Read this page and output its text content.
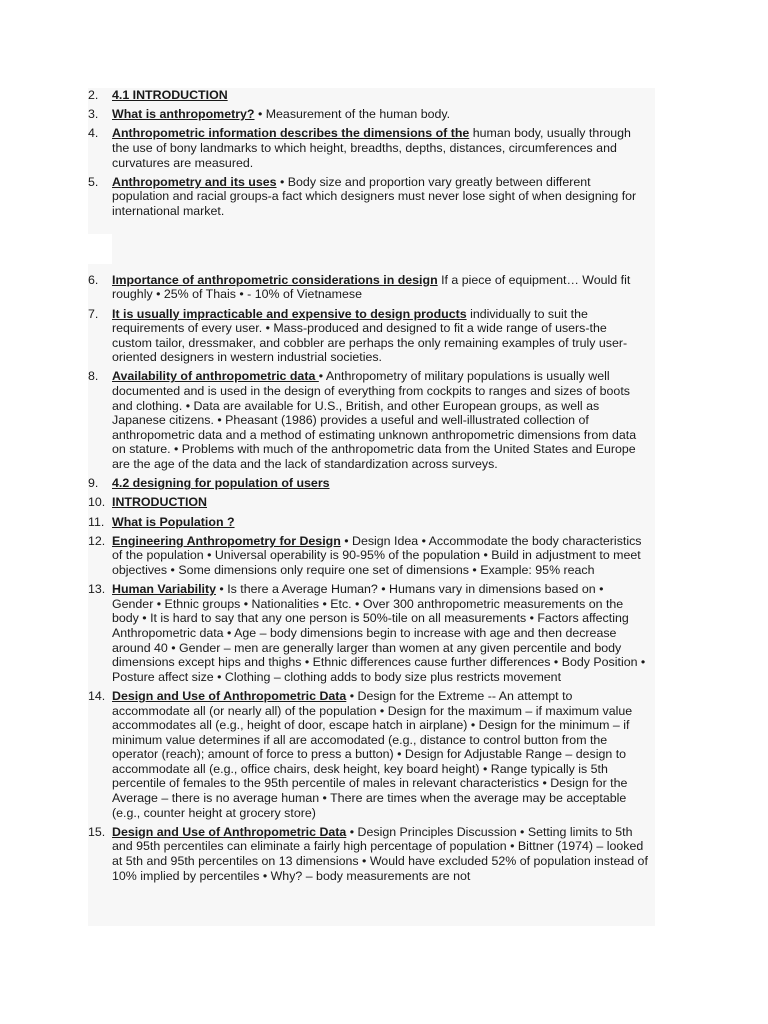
2.	4.1 INTRODUCTION
3.	What is anthropometry? • Measurement of the human body.
4.	Anthropometric information describes the dimensions of the human body, usually through the use of bony landmarks to which height, breadths, depths, distances, circumferences and curvatures are measured.
5.	Anthropometry and its uses • Body size and proportion vary greatly between different population and racial groups-a fact which designers must never lose sight of when designing for international market.
6.	Importance of anthropometric considerations in design If a piece of equipment… Would fit roughly • 25% of Thais • - 10% of Vietnamese
7.	It is usually impracticable and expensive to design products individually to suit the requirements of every user. • Mass-produced and designed to fit a wide range of users-the custom tailor, dressmaker, and cobbler are perhaps the only remaining examples of truly user-oriented designers in western industrial societies.
8.	Availability of anthropometric data • Anthropometry of military populations is usually well documented and is used in the design of everything from cockpits to ranges and sizes of boots and clothing. • Data are available for U.S., British, and other European groups, as well as Japanese citizens. • Pheasant (1986) provides a useful and well-illustrated collection of anthropometric data and a method of estimating unknown anthropometric dimensions from data on stature. • Problems with much of the anthropometric data from the United States and Europe are the age of the data and the lack of standardization across surveys.
9.	4.2 designing for population of users
10. INTRODUCTION
11. What is Population ?
12. Engineering Anthropometry for Design • Design Idea • Accommodate the body characteristics of the population • Universal operability is 90-95% of the population • Build in adjustment to meet objectives • Some dimensions only require one set of dimensions • Example: 95% reach
13. Human Variability • Is there a Average Human? • Humans vary in dimensions based on • Gender • Ethnic groups • Nationalities • Etc. • Over 300 anthropometric measurements on the body • It is hard to say that any one person is 50%-tile on all measurements • Factors affecting Anthropometric data • Age – body dimensions begin to increase with age and then decrease around 40 • Gender – men are generally larger than women at any given percentile and body dimensions except hips and thighs • Ethnic differences cause further differences • Body Position • Posture affect size • Clothing – clothing adds to body size plus restricts movement
14. Design and Use of Anthropometric Data • Design for the Extreme -- An attempt to accommodate all (or nearly all) of the population • Design for the maximum – if maximum value accommodates all (e.g., height of door, escape hatch in airplane) • Design for the minimum – if minimum value determines if all are accomodated (e.g., distance to control button from the operator (reach); amount of force to press a button) • Design for Adjustable Range – design to accommodate all (e.g., office chairs, desk height, key board height) • Range typically is 5th percentile of females to the 95th percentile of males in relevant characteristics • Design for the Average – there is no average human • There are times when the average may be acceptable (e.g., counter height at grocery store)
15. Design and Use of Anthropometric Data • Design Principles Discussion • Setting limits to 5th and 95th percentiles can eliminate a fairly high percentage of population • Bittner (1974) – looked at 5th and 95th percentiles on 13 dimensions • Would have excluded 52% of population instead of 10% implied by percentiles • Why? – body measurements are not
